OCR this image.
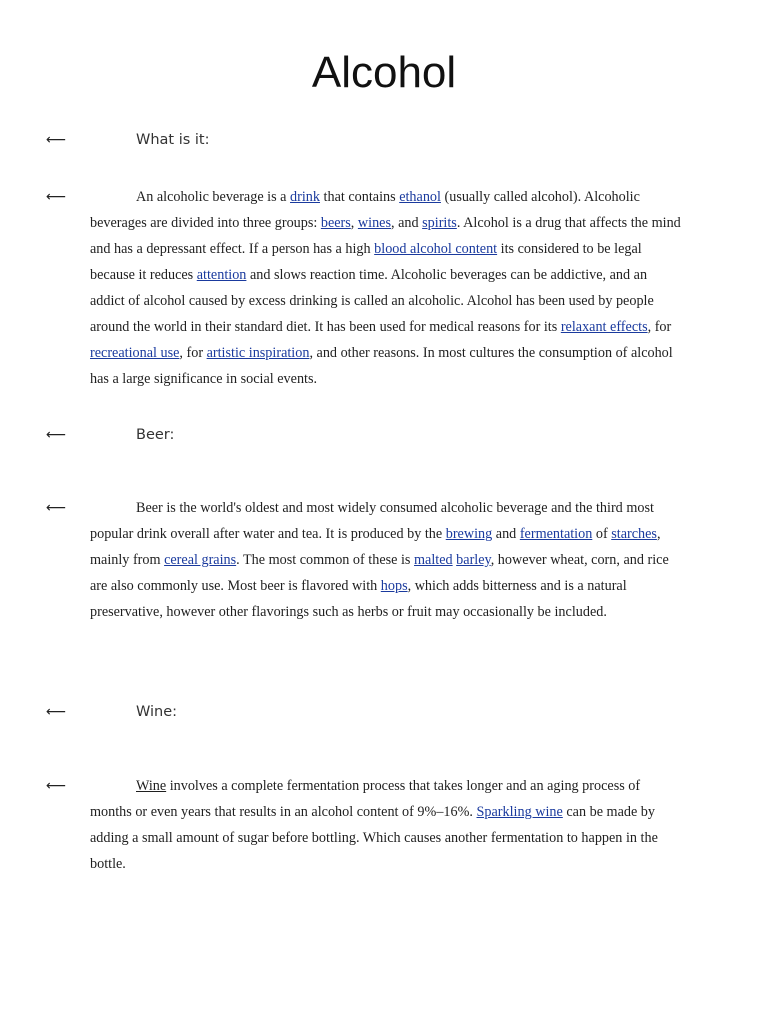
Alcohol
⟵	What is it:
⟵	An alcoholic beverage is a drink that contains ethanol (usually called alcohol). Alcoholic beverages are divided into three groups: beers, wines, and spirits. Alcohol is a drug that affects the mind and has a depressant effect. If a person has a high blood alcohol content its considered to be legal because it reduces attention and slows reaction time. Alcoholic beverages can be addictive, and an addict of alcohol caused by excess drinking is called an alcoholic. Alcohol has been used by people around the world in their standard diet. It has been used for medical reasons for its relaxant effects, for recreational use, for artistic inspiration, and other reasons. In most cultures the consumption of alcohol has a large significance in social events.

⟵	Beer:
⟵	Beer is the world's oldest and most widely consumed alcoholic beverage and the third most popular drink overall after water and tea. It is produced by the brewing and fermentation of starches, mainly from cereal grains. The most common of these is malted barley, however wheat, corn, and rice are also commonly use. Most beer is flavored with hops, which adds bitterness and is a natural preservative, however other flavorings such as herbs or fruit may occasionally be included.

⟵	Wine:
⟵	Wine involves a complete fermentation process that takes longer and an aging process of months or even years that results in an alcohol content of 9%–16%. Sparkling wine can be made by adding a small amount of sugar before bottling. Which causes another fermentation to happen in the bottle.
